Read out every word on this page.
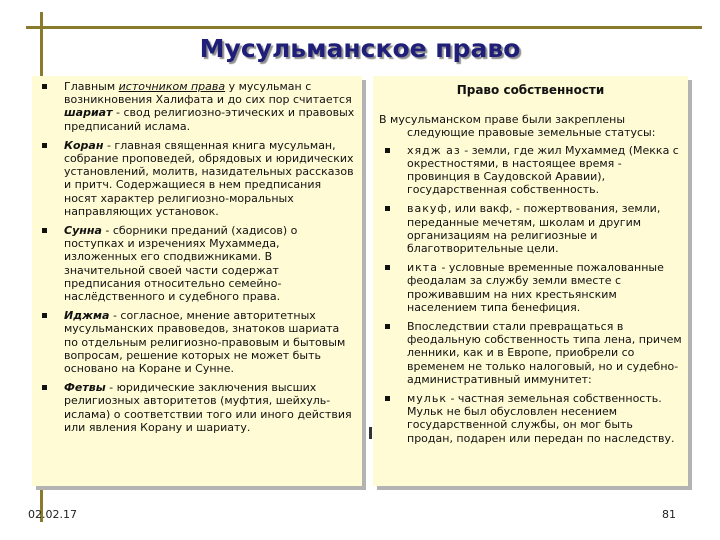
Мусульманское право
Главным источником права у мусульман с возникновения Халифата и до сих пор считается шариат - свод религиозно-этических и правовых предписаний ислама.
Коран - главная священная книга мусульман, собрание проповедей, обрядовых и юридических установлений, молитв, назидательных рассказов и притч. Содержащиеся в нем предписания носят характер религиозно-моральных направляющих установок.
Сунна - сборники преданий (хадисов) о поступках и изречениях Мухаммеда, изложенных его сподвижниками. В значительной своей части содержат предписания относительно семейно-наслёдственного и судебного права.
Иджма - согласное, мнение авторитетных мусульманских правоведов, знатоков шариата по отдельным религиозно-правовым и бытовым вопросам, решение которых не может быть основано на Коране и Сунне.
Фетвы - юридические заключения высших религиозных авторитетов (муфтия, шейхуль-ислама) о соответствии того или иного действия или явления Корану и шариату.
Право собственности
В мусульманском праве были закреплены
следующие правовые земельные статусы:
хядж аз - земли, где жил Мухаммед (Мекка с окрестностями, в настоящее время - провинция в Саудовской Аравии), государственная собственность.
вакуф, или вакф, - пожертвования, земли, переданные мечетям, школам и другим организациям на религиозные и благотворительные цели.
икта - условные временные пожалованные феодалам за службу земли вместе с проживавшим на них крестьянским населением типа бенефиция.
Впоследствии стали превращаться в феодальную собственность типа лена, причем ленники, как и в Европе, приобрели со временем не только налоговый, но и судебно-административный иммунитет:
мульк - частная земельная собственность. Мульк не был обусловлен несением государственной службы, он мог быть продан, подарен или передан по наследству.
02.02.17	81
